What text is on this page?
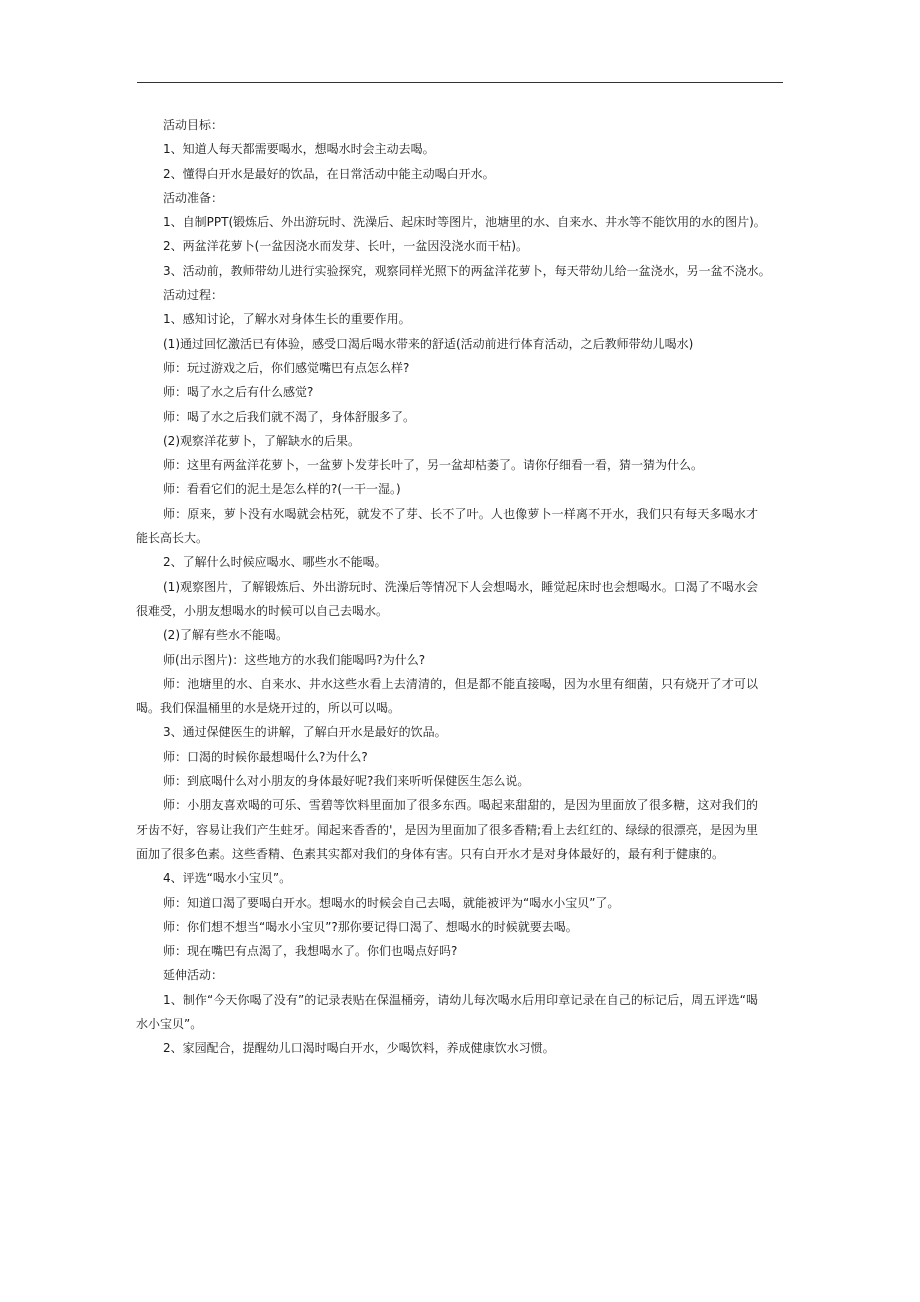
活动目标：

1、知道人每天都需要喝水，想喝水时会主动去喝。

2、懂得白开水是最好的饮品，在日常活动中能主动喝白开水。

活动准备：

1、自制PPT(锻炼后、外出游玩时、洗澡后、起床时等图片，池塘里的水、自来水、井水等不能饮用的水的图片)。

2、两盆洋花萝卜(一盆因浇水而发芽、长叶，一盆因没浇水而干枯)。

3、活动前，教师带幼儿进行实验探究，观察同样光照下的两盆洋花萝卜，每天带幼儿给一盆浇水，另一盆不浇水。

活动过程：

1、感知讨论，了解水对身体生长的重要作用。

(1)通过回忆激活已有体验，感受口渴后喝水带来的舒适(活动前进行体育活动，之后教师带幼儿喝水)

师：玩过游戏之后，你们感觉嘴巴有点怎么样?

师：喝了水之后有什么感觉?

师：喝了水之后我们就不渴了，身体舒服多了。

(2)观察洋花萝卜，了解缺水的后果。

师：这里有两盆洋花萝卜，一盆萝卜发芽长叶了，另一盆却枯萎了。请你仔细看一看，猜一猜为什么。

师：看看它们的泥土是怎么样的?(一干一湿。)

师：原来，萝卜没有水喝就会枯死，就发不了芽、长不了叶。人也像萝卜一样离不开水，我们只有每天多喝水才能长高长大。

2、了解什么时候应喝水、哪些水不能喝。

(1)观察图片，了解锻炼后、外出游玩时、洗澡后等情况下人会想喝水，睡觉起床时也会想喝水。口渴了不喝水会很难受，小朋友想喝水的时候可以自己去喝水。

(2)了解有些水不能喝。

师(出示图片)：这些地方的水我们能喝吗?为什么?

师：池塘里的水、自来水、井水这些水看上去清清的，但是都不能直接喝，因为水里有细菌，只有烧开了才可以喝。我们保温桶里的水是烧开过的，所以可以喝。

3、通过保健医生的讲解，了解白开水是最好的饮品。

师：口渴的时候你最想喝什么?为什么?

师：到底喝什么对小朋友的身体最好呢?我们来听听保健医生怎么说。

师：小朋友喜欢喝的可乐、雪碧等饮料里面加了很多东西。喝起来甜甜的，是因为里面放了很多糖，这对我们的牙齿不好，容易让我们产生蛀牙。闻起来香香的'，是因为里面加了很多香精;看上去红红的、绿绿的很漂亮，是因为里面加了很多色素。这些香精、色素其实都对我们的身体有害。只有白开水才是对身体最好的，最有利于健康的。

4、评选“喝水小宝贝”。

师：知道口渴了要喝白开水。想喝水的时候会自己去喝，就能被评为“喝水小宝贝”了。

师：你们想不想当“喝水小宝贝”?那你要记得口渴了、想喝水的时候就要去喝。

师：现在嘴巴有点渴了，我想喝水了。你们也喝点好吗?

延伸活动：

1、制作“今天你喝了没有”的记录表贴在保温桶旁，请幼儿每次喝水后用印章记录在自己的标记后，周五评选“喝水小宝贝”。

2、家园配合，提醒幼儿口渴时喝白开水，少喝饮料，养成健康饮水习惯。
